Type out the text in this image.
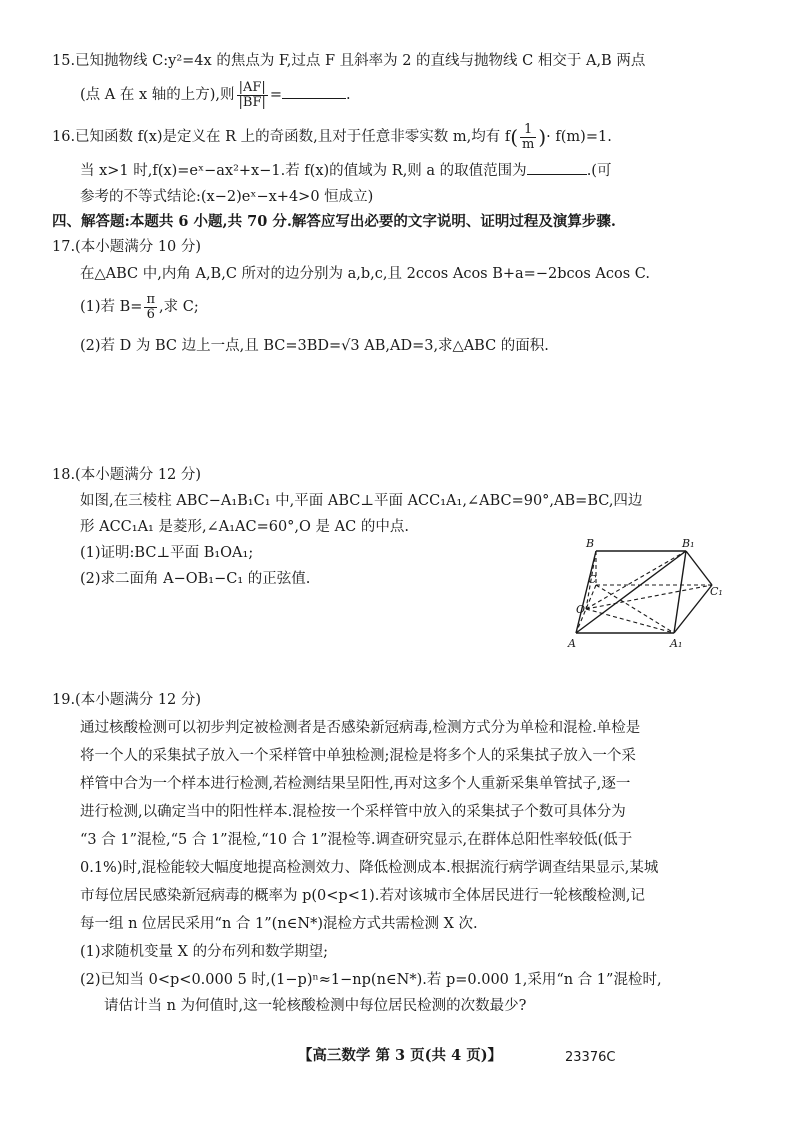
15.已知抛物线 C:y²=4x 的焦点为 F,过点 F 且斜率为 2 的直线与抛物线 C 相交于 A,B 两点
(点 A 在 x 轴的上方),则 $\frac{|AF|}{|BF|}$ =	.
16.已知函数 f(x)是定义在 R 上的奇函数,且对于任意非零实数 m,均有 $f( \frac{1}{m}$ )· f(m)=1.
当 x>1 时,f(x)=eˣ−ax²+x−1.若 f(x)的值域为 R,则 a 的取值范围为	.(可
参考的不等式结论:(x−2)eˣ−x+4>0 恒成立)
四、解答题:本题共 6 小题,共 70 分.解答应写出必要的文字说明、证明过程及演算步骤.
17.(本小题满分 10 分)
在△ABC 中,内角 A,B,C 所对的边分别为 a,b,c,且 2ccos Acos B+a=−2bcos Acos C.
(1)若 $B= \frac{\pi}{6}$ ,求 C;
(2)若 D 为 BC 边上一点,且 BC=3BD=√3 AB,AD=3,求△ABC 的面积.
18.(本小题满分 12 分)
如图,在三棱柱 ABC−A₁B₁C₁ 中,平面 ABC⊥平面 ACC₁A₁,∠ABC=90°,AB=BC,四边
形 ACC₁A₁ 是菱形,∠A₁AC=60°,O 是 AC 的中点.
(1)证明:BC⊥平面 B₁OA₁;
(2)求二面角 A−OB₁−C₁ 的正弦值.
B	B₁
C
C₁
O
A	A₁
19.(本小题满分 12 分)
通过核酸检测可以初步判定被检测者是否感染新冠病毒,检测方式分为单检和混检.单检是
将一个人的采集拭子放入一个采样管中单独检测;混检是将多个人的采集拭子放入一个采
样管中合为一个样本进行检测,若检测结果呈阳性,再对这多个人重新采集单管拭子,逐一
进行检测,以确定当中的阳性样本.混检按一个采样管中放入的采集拭子个数可具体分为
“3 合 1”混检,“5 合 1”混检,“10 合 1”混检等.调查研究显示,在群体总阳性率较低(低于
0.1%)时,混检能较大幅度地提高检测效力、降低检测成本.根据流行病学调查结果显示,某城
市每位居民感染新冠病毒的概率为 p(0<p<1).若对该城市全体居民进行一轮核酸检测,记
每一组 n 位居民采用“n 合 1”(n∈N*)混检方式共需检测 X 次.
(1)求随机变量 X 的分布列和数学期望;
(2)已知当 0<p<0.000 5 时,(1−p)ⁿ≈1−np(n∈N*).若 p=0.000 1,采用“n 合 1”混检时,
请估计当 n 为何值时,这一轮核酸检测中每位居民检测的次数最少?
【高三数学 第 3 页(共 4 页)】	23376C
